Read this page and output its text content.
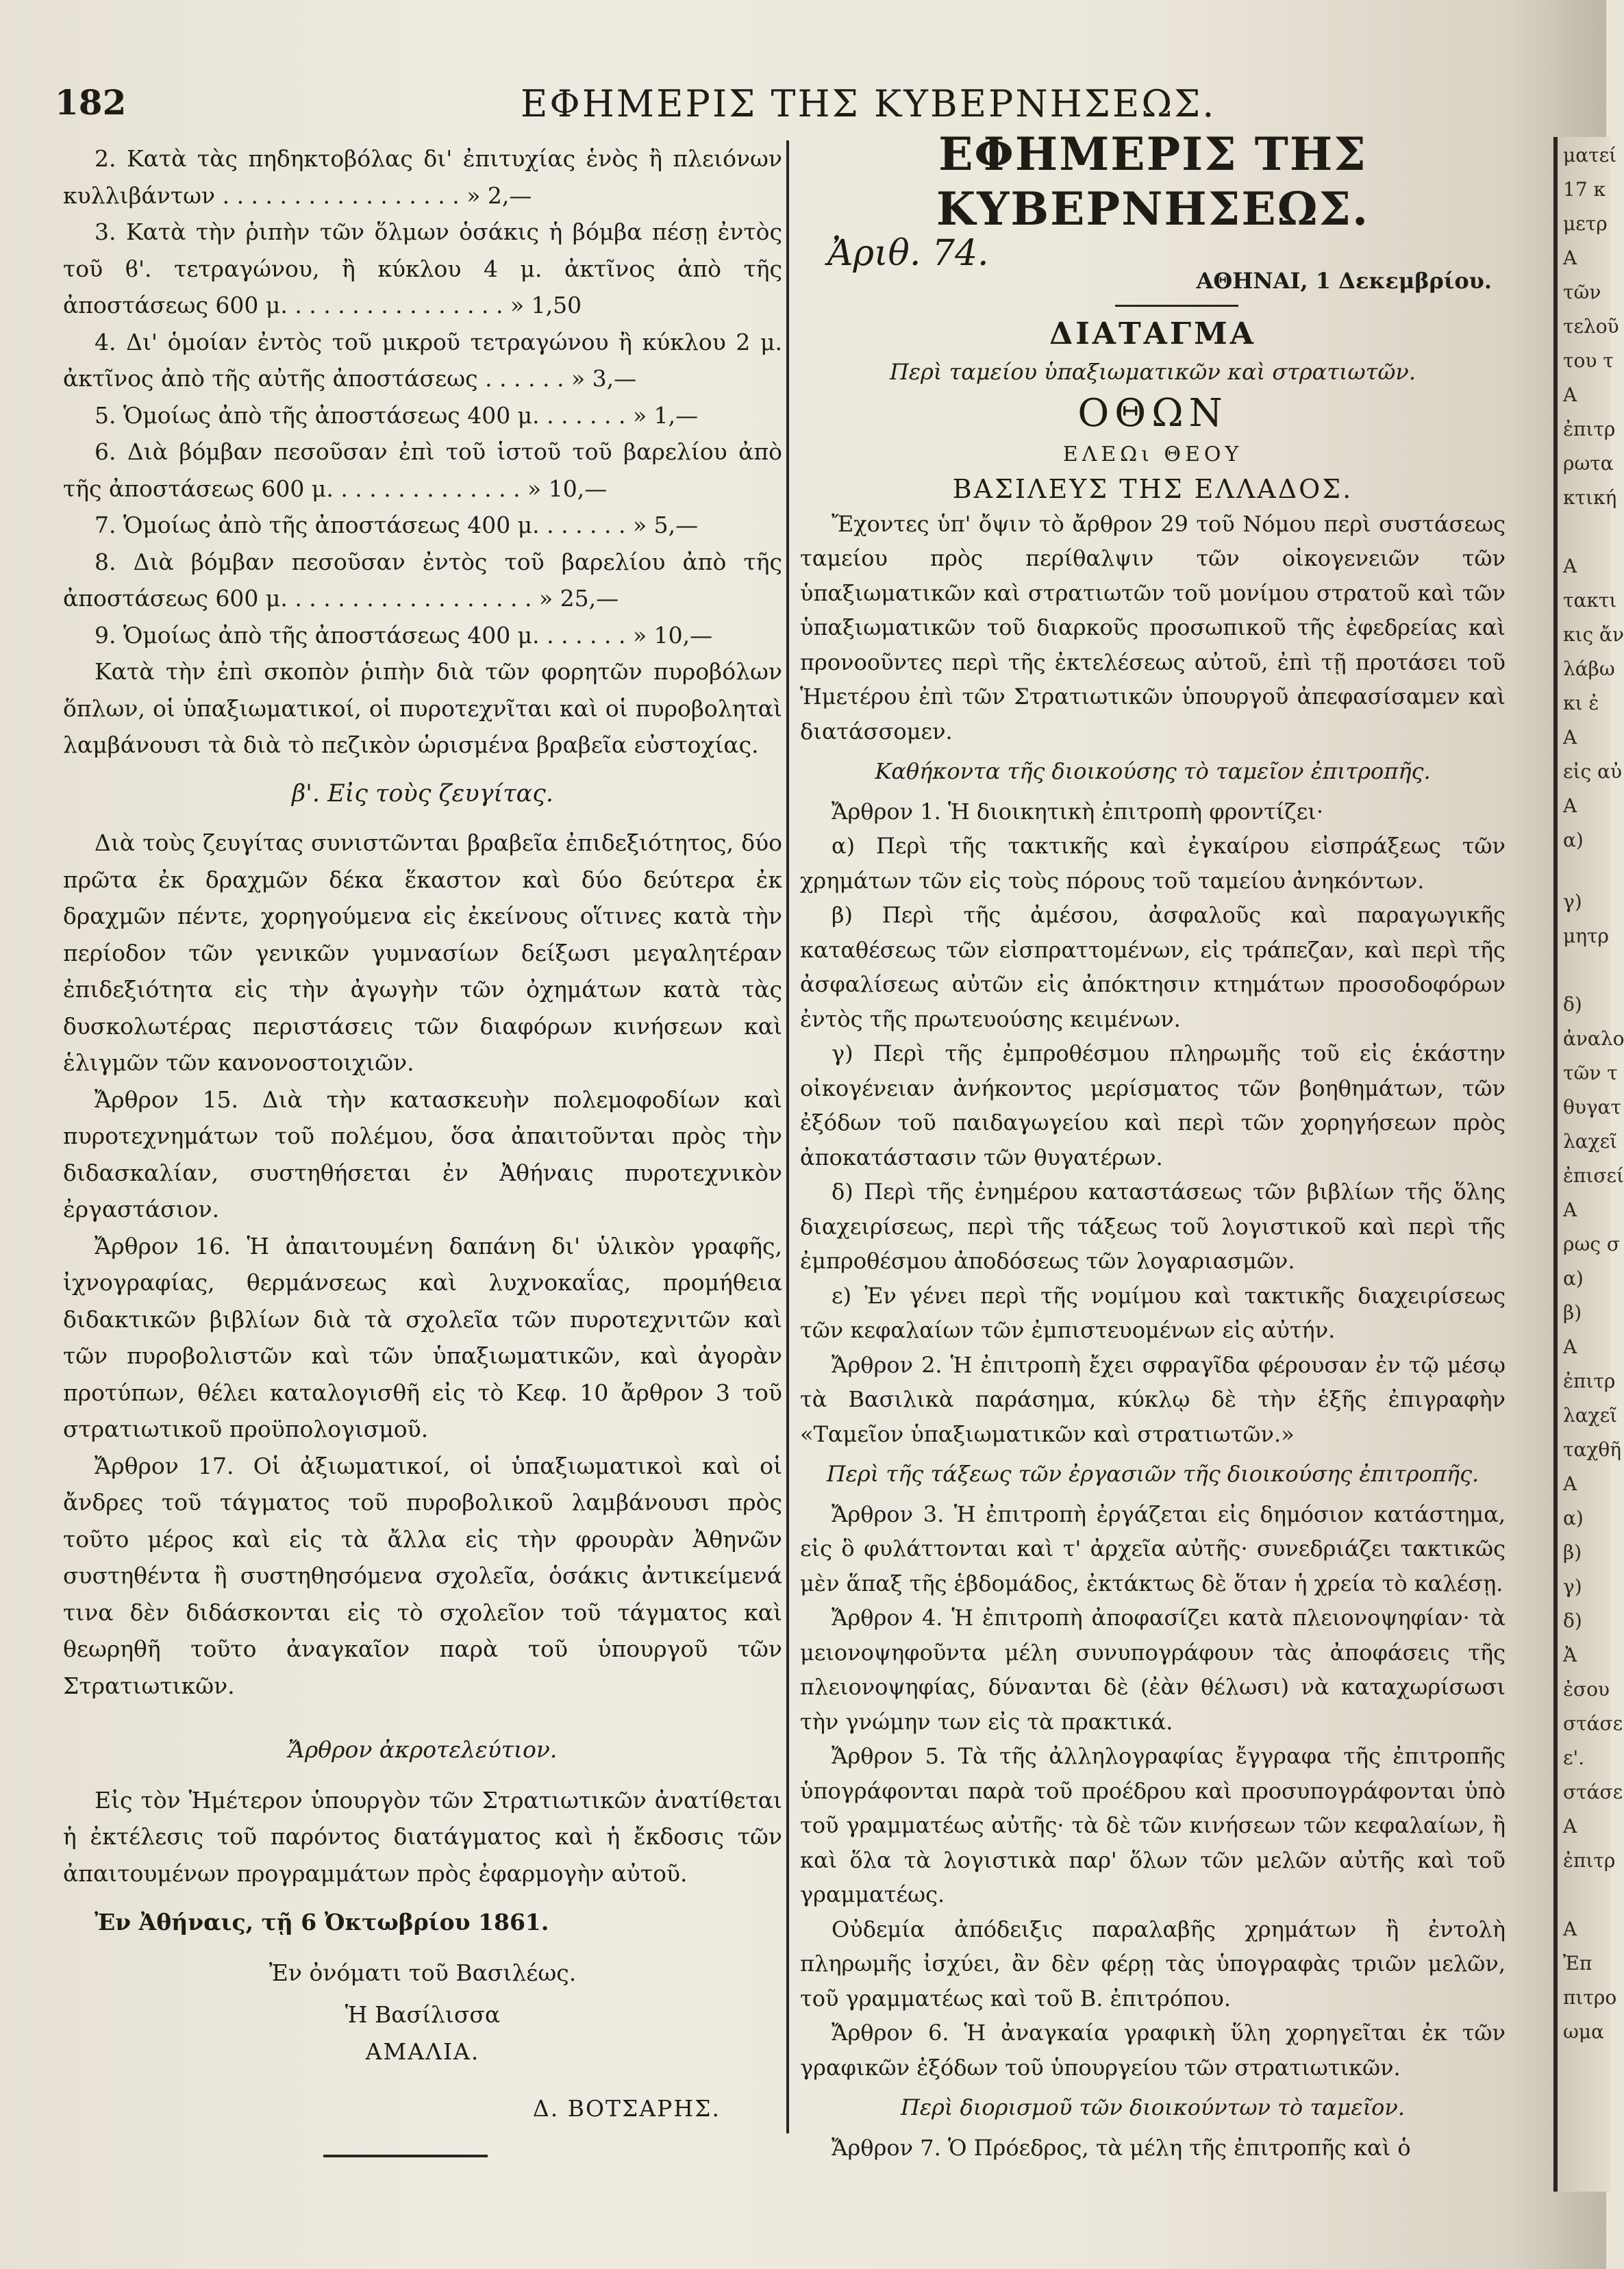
182	ΕΦΗΜΕΡΙΣ ΤΗΣ ΚΥΒΕΡΝΗΣΕΩΣ.

2. Κατὰ τὰς πηδηκτοβόλας δι' ἐπιτυχίας ἑνὸς ἢ πλειόνων κυλλιβάντων . . . . . . . . . . . . . . . . . » 2,—

3. Κατὰ τὴν ῥιπὴν τῶν ὅλμων ὁσάκις ἡ βόμβα πέσῃ ἐντὸς τοῦ ϐ'. τετραγώνου, ἢ κύκλου 4 μ. ἀκτῖνος ἀπὸ τῆς ἀποστάσεως 600 μ. . . . . . . . . . . . . . . . » 1,50

4. Δι' ὁμοίαν ἐντὸς τοῦ μικροῦ τετραγώνου ἢ κύκλου 2 μ. ἀκτῖνος ἀπὸ τῆς αὐτῆς ἀποστάσεως . . . . . . » 3,—

5. Ὁμοίως ἀπὸ τῆς ἀποστάσεως 400 μ. . . . . . . » 1,—

6. Διὰ βόμβαν πεσοῦσαν ἐπὶ τοῦ ἱστοῦ τοῦ βαρελίου ἀπὸ τῆς ἀποστάσεως 600 μ. . . . . . . . . . . . . . » 10,—

7. Ὁμοίως ἀπὸ τῆς ἀποστάσεως 400 μ. . . . . . . » 5,—

8. Διὰ βόμβαν πεσοῦσαν ἐντὸς τοῦ βαρελίου ἀπὸ τῆς ἀποστάσεως 600 μ. . . . . . . . . . . . . . . . . . » 25,—

9. Ὁμοίως ἀπὸ τῆς ἀποστάσεως 400 μ. . . . . . . » 10,—

Κατὰ τὴν ἐπὶ σκοπὸν ῥιπὴν διὰ τῶν φορητῶν πυροβόλων ὅπλων, οἱ ὑπαξιωματικοί, οἱ πυροτεχνῖται καὶ οἱ πυροβοληταὶ λαμβάνουσι τὰ διὰ τὸ πεζικὸν ὡρισμένα βραβεῖα εὐστοχίας.

β'. Εἰς τοὺς ζευγίτας.

Διὰ τοὺς ζευγίτας συνιστῶνται βραβεῖα ἐπιδεξιότητος, δύο πρῶτα ἐκ δραχμῶν δέκα ἕκαστον καὶ δύο δεύτερα ἐκ δραχμῶν πέντε, χορηγούμενα εἰς ἐκείνους οἵτινες κατὰ τὴν περίοδον τῶν γενικῶν γυμνασίων δείξωσι μεγαλητέραν ἐπιδεξιότητα εἰς τὴν ἀγωγὴν τῶν ὀχημάτων κατὰ τὰς δυσκολωτέρας περιστάσεις τῶν διαφόρων κινήσεων καὶ ἑλιγμῶν τῶν κανονοστοιχιῶν.

Ἄρθρον 15. Διὰ τὴν κατασκευὴν πολεμοφοδίων καὶ πυροτεχνημάτων τοῦ πολέμου, ὅσα ἀπαιτοῦνται πρὸς τὴν διδασκαλίαν, συστηθήσεται ἐν Ἀθήναις πυροτεχνικὸν ἐργαστάσιον.

Ἄρθρον 16. Ἡ ἀπαιτουμένη δαπάνη δι' ὑλικὸν γραφῆς, ἰχνογραφίας, θερμάνσεως καὶ λυχνοκαΐας, προμήθεια διδακτικῶν βιβλίων διὰ τὰ σχολεῖα τῶν πυροτεχνιτῶν καὶ τῶν πυροβολιστῶν καὶ τῶν ὑπαξιωματικῶν, καὶ ἀγορὰν προτύπων, θέλει καταλογισθῆ εἰς τὸ Κεφ. 10 ἄρθρον 3 τοῦ στρατιωτικοῦ προϋπολογισμοῦ.

Ἄρθρον 17. Οἱ ἀξιωματικοί, οἱ ὑπαξιωματικοὶ καὶ οἱ ἄνδρες τοῦ τάγματος τοῦ πυροβολικοῦ λαμβάνουσι πρὸς τοῦτο μέρος καὶ εἰς τὰ ἄλλα εἰς τὴν φρουρὰν Ἀθηνῶν συστηθέντα ἢ συστηθησόμενα σχολεῖα, ὁσάκις ἀντικείμενά τινα δὲν διδάσκονται εἰς τὸ σχολεῖον τοῦ τάγματος καὶ θεωρηθῆ τοῦτο ἀναγκαῖον παρὰ τοῦ ὑπουργοῦ τῶν Στρατιωτικῶν.

Ἄρθρον ἀκροτελεύτιον.

Εἰς τὸν Ἡμέτερον ὑπουργὸν τῶν Στρατιωτικῶν ἀνατίθεται ἡ ἐκτέλεσις τοῦ παρόντος διατάγματος καὶ ἡ ἔκδοσις τῶν ἀπαιτουμένων προγραμμάτων πρὸς ἐφαρμογὴν αὐτοῦ.

Ἐν Ἀθήναις, τῇ 6 Ὀκτωβρίου 1861.

Ἐν ὀνόματι τοῦ Βασιλέως.

Ἡ Βασίλισσα

ΑΜΑΛΙΑ.

Δ. ΒΟΤΣΑΡΗΣ.

ΕΦΗΜΕΡΙΣ ΤΗΣ ΚΥΒΕΡΝΗΣΕΩΣ.

Ἀριθ. 74.
ΑΘΗΝΑΙ, 1 Δεκεμβρίου.

ΔΙΑΤΑΓΜΑ

Περὶ ταμείου ὑπαξιωματικῶν καὶ στρατιωτῶν.

ΟΘΩΝ

ΕΛΕΩι ΘΕΟΥ

ΒΑΣΙΛΕΥΣ ΤΗΣ ΕΛΛΑΔΟΣ.

Ἔχοντες ὑπ' ὄψιν τὸ ἄρθρον 29 τοῦ Νόμου περὶ συστάσεως ταμείου πρὸς περίθαλψιν τῶν οἰκογενειῶν τῶν ὑπαξιωματικῶν καὶ στρατιωτῶν τοῦ μονίμου στρατοῦ καὶ τῶν ὑπαξιωματικῶν τοῦ διαρκοῦς προσωπικοῦ τῆς ἐφεδρείας καὶ προνοοῦντες περὶ τῆς ἐκτελέσεως αὐτοῦ, ἐπὶ τῇ προτάσει τοῦ Ἡμετέρου ἐπὶ τῶν Στρατιωτικῶν ὑπουργοῦ ἀπεφασίσαμεν καὶ διατάσσομεν.

Καθήκοντα τῆς διοικούσης τὸ ταμεῖον ἐπιτροπῆς.

Ἄρθρον 1. Ἡ διοικητικὴ ἐπιτροπὴ φροντίζει·

α) Περὶ τῆς τακτικῆς καὶ ἐγκαίρου εἰσπράξεως τῶν χρημάτων τῶν εἰς τοὺς πόρους τοῦ ταμείου ἀνηκόντων.

β) Περὶ τῆς ἀμέσου, ἀσφαλοῦς καὶ παραγωγικῆς καταθέσεως τῶν εἰσπραττομένων, εἰς τράπεζαν, καὶ περὶ τῆς ἀσφαλίσεως αὐτῶν εἰς ἀπόκτησιν κτημάτων προσοδοφόρων ἐντὸς τῆς πρωτευούσης κειμένων.

γ) Περὶ τῆς ἐμπροθέσμου πληρωμῆς τοῦ εἰς ἑκάστην οἰκογένειαν ἀνήκοντος μερίσματος τῶν βοηθημάτων, τῶν ἐξόδων τοῦ παιδαγωγείου καὶ περὶ τῶν χορηγήσεων πρὸς ἀποκατάστασιν τῶν θυγατέρων.

δ) Περὶ τῆς ἐνημέρου καταστάσεως τῶν βιβλίων τῆς ὅλης διαχειρίσεως, περὶ τῆς τάξεως τοῦ λογιστικοῦ καὶ περὶ τῆς ἐμπροθέσμου ἀποδόσεως τῶν λογαριασμῶν.

ε) Ἐν γένει περὶ τῆς νομίμου καὶ τακτικῆς διαχειρίσεως τῶν κεφαλαίων τῶν ἐμπιστευομένων εἰς αὐτήν.

Ἄρθρον 2. Ἡ ἐπιτροπὴ ἔχει σφραγῖδα φέρουσαν ἐν τῷ μέσῳ τὰ Βασιλικὰ παράσημα, κύκλῳ δὲ τὴν ἑξῆς ἐπιγραφὴν «Ταμεῖον ὑπαξιωματικῶν καὶ στρατιωτῶν.»

Περὶ τῆς τάξεως τῶν ἐργασιῶν τῆς διοικούσης ἐπιτροπῆς.

Ἄρθρον 3. Ἡ ἐπιτροπὴ ἐργάζεται εἰς δημόσιον κατάστημα, εἰς ὃ φυλάττονται καὶ τ' ἀρχεῖα αὐτῆς· συνεδριάζει τακτικῶς μὲν ἅπαξ τῆς ἑβδομάδος, ἐκτάκτως δὲ ὅταν ἡ χρεία τὸ καλέσῃ.

Ἄρθρον 4. Ἡ ἐπιτροπὴ ἀποφασίζει κατὰ πλειονοψηφίαν· τὰ μειονοψηφοῦντα μέλη συνυπογράφουν τὰς ἀποφάσεις τῆς πλειονοψηφίας, δύνανται δὲ (ἐὰν θέλωσι) νὰ καταχωρίσωσι τὴν γνώμην των εἰς τὰ πρακτικά.

Ἄρθρον 5. Τὰ τῆς ἀλληλογραφίας ἔγγραφα τῆς ἐπιτροπῆς ὑπογράφονται παρὰ τοῦ προέδρου καὶ προσυπογράφονται ὑπὸ τοῦ γραμματέως αὐτῆς· τὰ δὲ τῶν κινήσεων τῶν κεφαλαίων, ἢ καὶ ὅλα τὰ λογιστικὰ παρ' ὅλων τῶν μελῶν αὐτῆς καὶ τοῦ γραμματέως.

Οὐδεμία ἀπόδειξις παραλαβῆς χρημάτων ἢ ἐντολὴ πληρωμῆς ἰσχύει, ἂν δὲν φέρῃ τὰς ὑπογραφὰς τριῶν μελῶν, τοῦ γραμματέως καὶ τοῦ Β. ἐπιτρόπου.

Ἄρθρον 6. Ἡ ἀναγκαία γραφικὴ ὕλη χορηγεῖται ἐκ τῶν γραφικῶν ἐξόδων τοῦ ὑπουργείου τῶν στρατιωτικῶν.

Περὶ διορισμοῦ τῶν διοικούντων τὸ ταμεῖον.

Ἄρθρον 7. Ὁ Πρόεδρος, τὰ μέλη τῆς ἐπιτροπῆς καὶ ὁ

ματεί
17 κ
μετρ
Α
τῶν
τελοῦ
του τ
Α
ἐπιτρ
ρωτα
κτική
Α
τακτι
κις ἄν
λάβω
κι ἐ
Α
εἰς αὐ
Α
α)
γ)
μητρ
δ)
ἀναλο
τῶν τ
θυγατ
λαχεῖ
ἐπισεί
Α
ρως σ
α)
β)
Α
ἐπιτρ
λαχεῖ
ταχθῆ
Α
α)
β)
γ)
δ)
Ἀ
ἐσου
στάσε
ε'.
στάσε
Α
ἐπιτρ
Α
Ἐπ
πιτρο
ωμα
